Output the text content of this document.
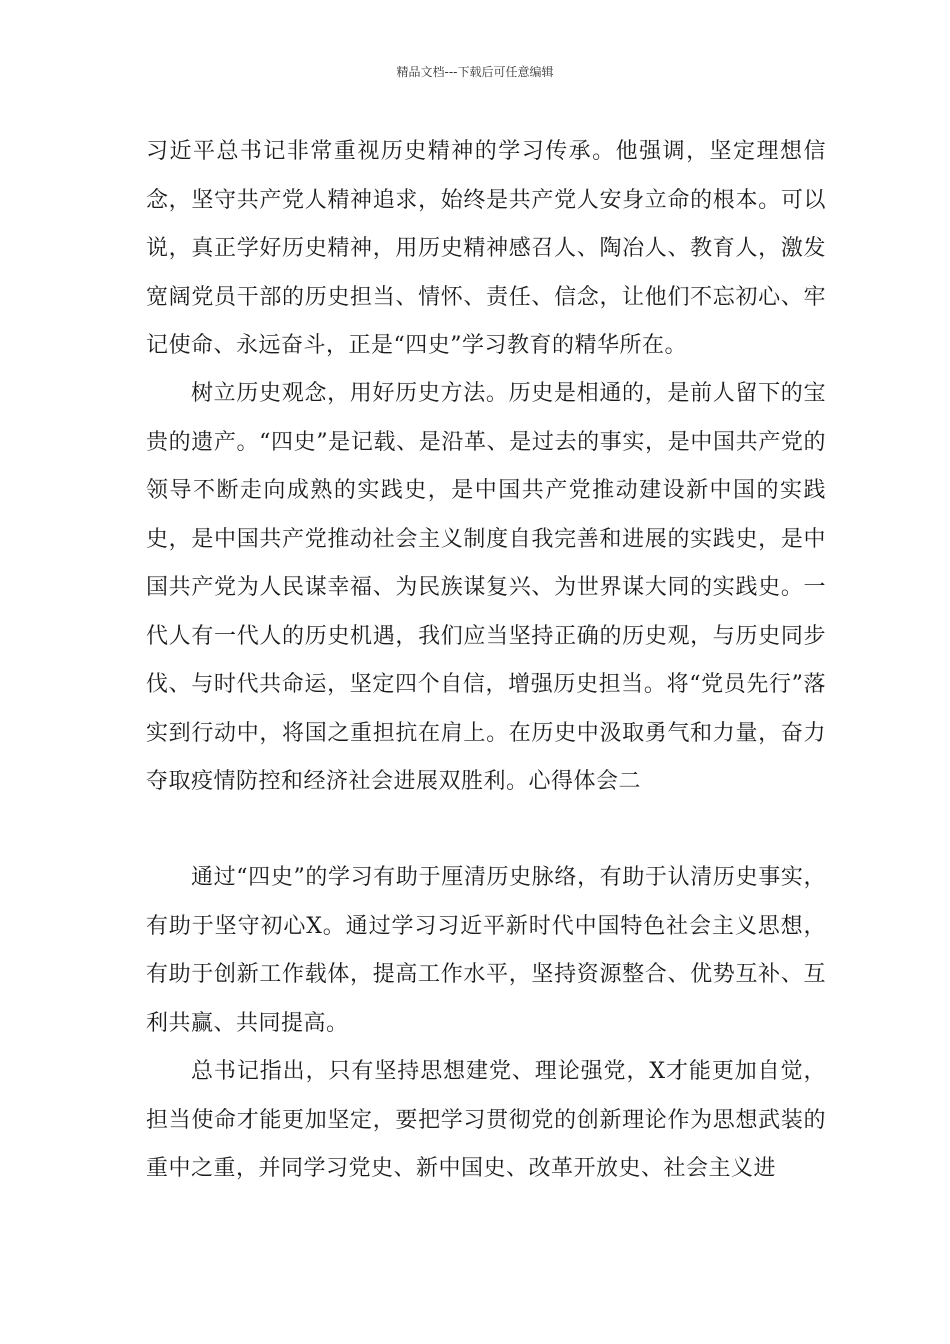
精品文档---下载后可任意编辑

习近平总书记非常重视历史精神的学习传承。他强调，坚定理想信念，坚守共产党人精神追求，始终是共产党人安身立命的根本。可以说，真正学好历史精神，用历史精神感召人、陶冶人、教育人，激发宽阔党员干部的历史担当、情怀、责任、信念，让他们不忘初心、牢记使命、永远奋斗，正是“四史”学习教育的精华所在。

树立历史观念，用好历史方法。历史是相通的，是前人留下的宝贵的遗产。“四史”是记载、是沿革、是过去的事实，是中国共产党的领导不断走向成熟的实践史，是中国共产党推动建设新中国的实践史，是中国共产党推动社会主义制度自我完善和进展的实践史，是中国共产党为人民谋幸福、为民族谋复兴、为世界谋大同的实践史。一代人有一代人的历史机遇，我们应当坚持正确的历史观，与历史同步伐、与时代共命运，坚定四个自信，增强历史担当。将“党员先行”落实到行动中，将国之重担抗在肩上。在历史中汲取勇气和力量，奋力夺取疫情防控和经济社会进展双胜利。心得体会二

通过“四史”的学习有助于厘清历史脉络，有助于认清历史事实，有助于坚守初心X。通过学习习近平新时代中国特色社会主义思想，有助于创新工作载体，提高工作水平，坚持资源整合、优势互补、互利共赢、共同提高。

总书记指出，只有坚持思想建党、理论强党，X才能更加自觉，担当使命才能更加坚定，要把学习贯彻党的创新理论作为思想武装的重中之重，并同学习党史、新中国史、改革开放史、社会主义进
